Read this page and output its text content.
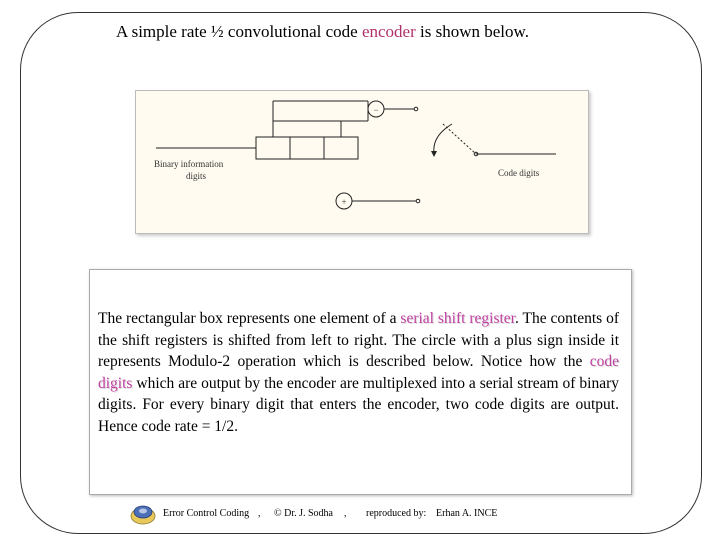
A simple rate ½ convolutional code encoder is shown below.
−
+
Binary information
digits	Code digits

The rectangular box represents one element of a serial shift register. The contents of the shift registers is shifted from left to right. The circle with a plus sign inside it represents Modulo-2 operation which is described below. Notice how the code digits which are output by the encoder are multiplexed into a serial stream of binary digits. For every binary digit that enters the encoder, two code digits are output. Hence code rate = 1/2.

Error Control Coding , © Dr. J. Sodha , reproduced by: Erhan A. INCE
